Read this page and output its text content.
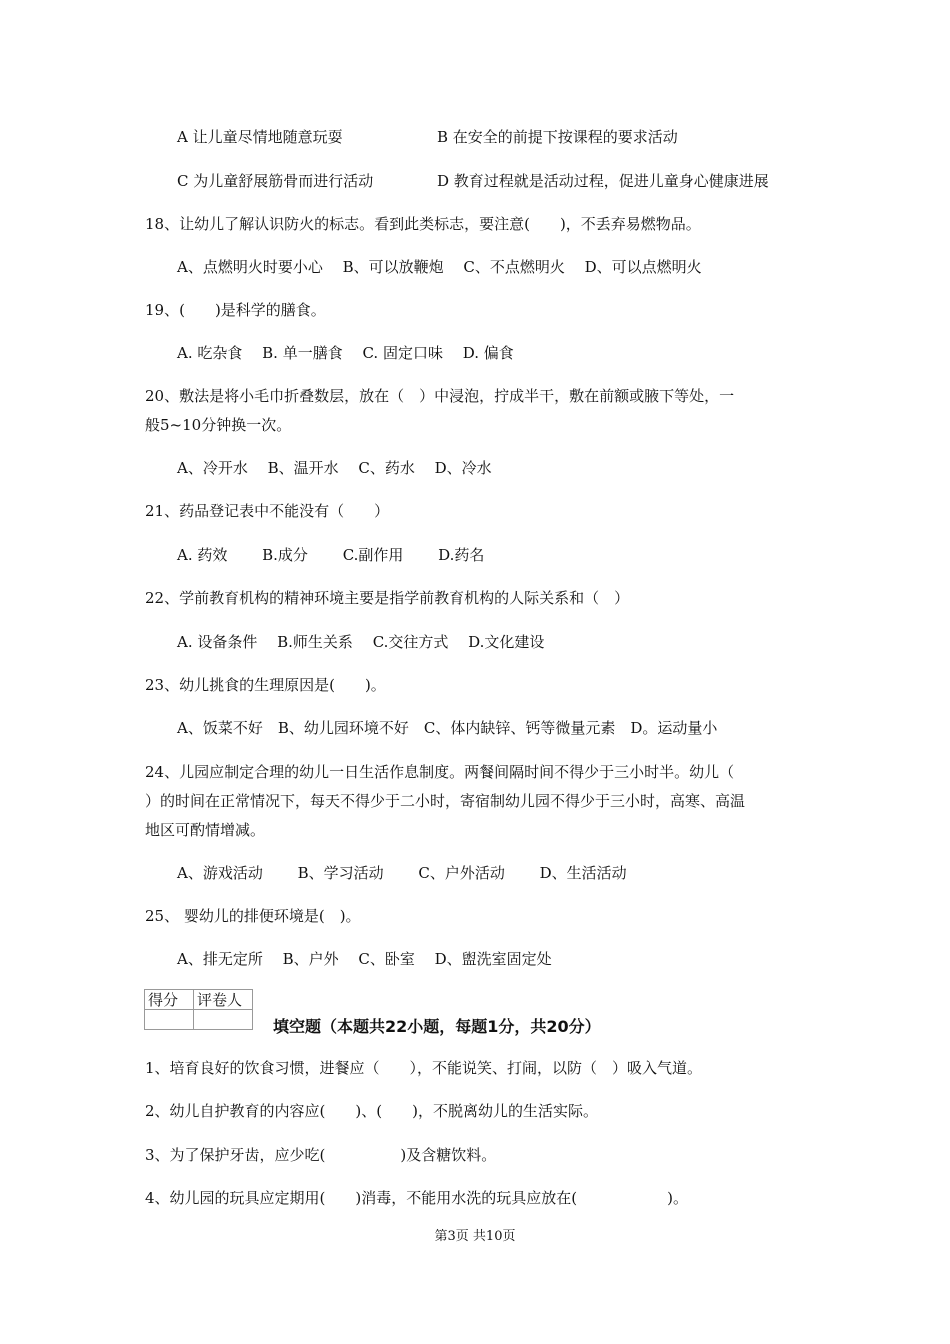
A 让儿童尽情地随意玩耍	B 在安全的前提下按课程的要求活动
C 为儿童舒展筋骨而进行活动	D 教育过程就是活动过程，促进儿童身心健康进展
18、让幼儿了解认识防火的标志。看到此类标志，要注意(　　)，不丢弃易燃物品。
A、点燃明火时要小心　 B、可以放鞭炮　 C、不点燃明火　 D、可以点燃明火
19、(　　)是科学的膳食。
A. 吃杂食　 B. 单一膳食　 C. 固定口味　 D. 偏食
20、敷法是将小毛巾折叠数层，放在（　）中浸泡，拧成半干，敷在前额或腋下等处，一
般5~10分钟换一次。
A、冷开水　 B、温开水　 C、药水　 D、冷水
21、药品登记表中不能没有（　　）
A. 药效　　 B.成分　　 C.副作用　　 D.药名
22、学前教育机构的精神环境主要是指学前教育机构的人际关系和（　）
A. 设备条件　 B.师生关系　 C.交往方式　 D.文化建设
23、幼儿挑食的生理原因是(　　)。
A、饭菜不好　B、幼儿园环境不好　C、体内缺锌、钙等微量元素　D。运动量小
24、儿园应制定合理的幼儿一日生活作息制度。两餐间隔时间不得少于三小时半。幼儿（
）的时间在正常情况下，每天不得少于二小时，寄宿制幼儿园不得少于三小时，高寒、高温
地区可酌情增减。
A、游戏活动　　 B、学习活动　　 C、户外活动　　 D、生活活动
25、 婴幼儿的排便环境是(　)。
A、排无定所　 B、户外　 C、卧室　 D、盥洗室固定处
得分	评卷人

填空题（本题共22小题，每题1分，共20分）
1、培育良好的饮食习惯，进餐应（　　），不能说笑、打闹，以防（　）吸入气道。
2、幼儿自护教育的内容应(　　)、(　　)，不脱离幼儿的生活实际。
3、为了保护牙齿，应少吃(　　　　　)及含糖饮料。
4、幼儿园的玩具应定期用(　　)消毒，不能用水洗的玩具应放在(　　　　　　)。
第3页 共10页
